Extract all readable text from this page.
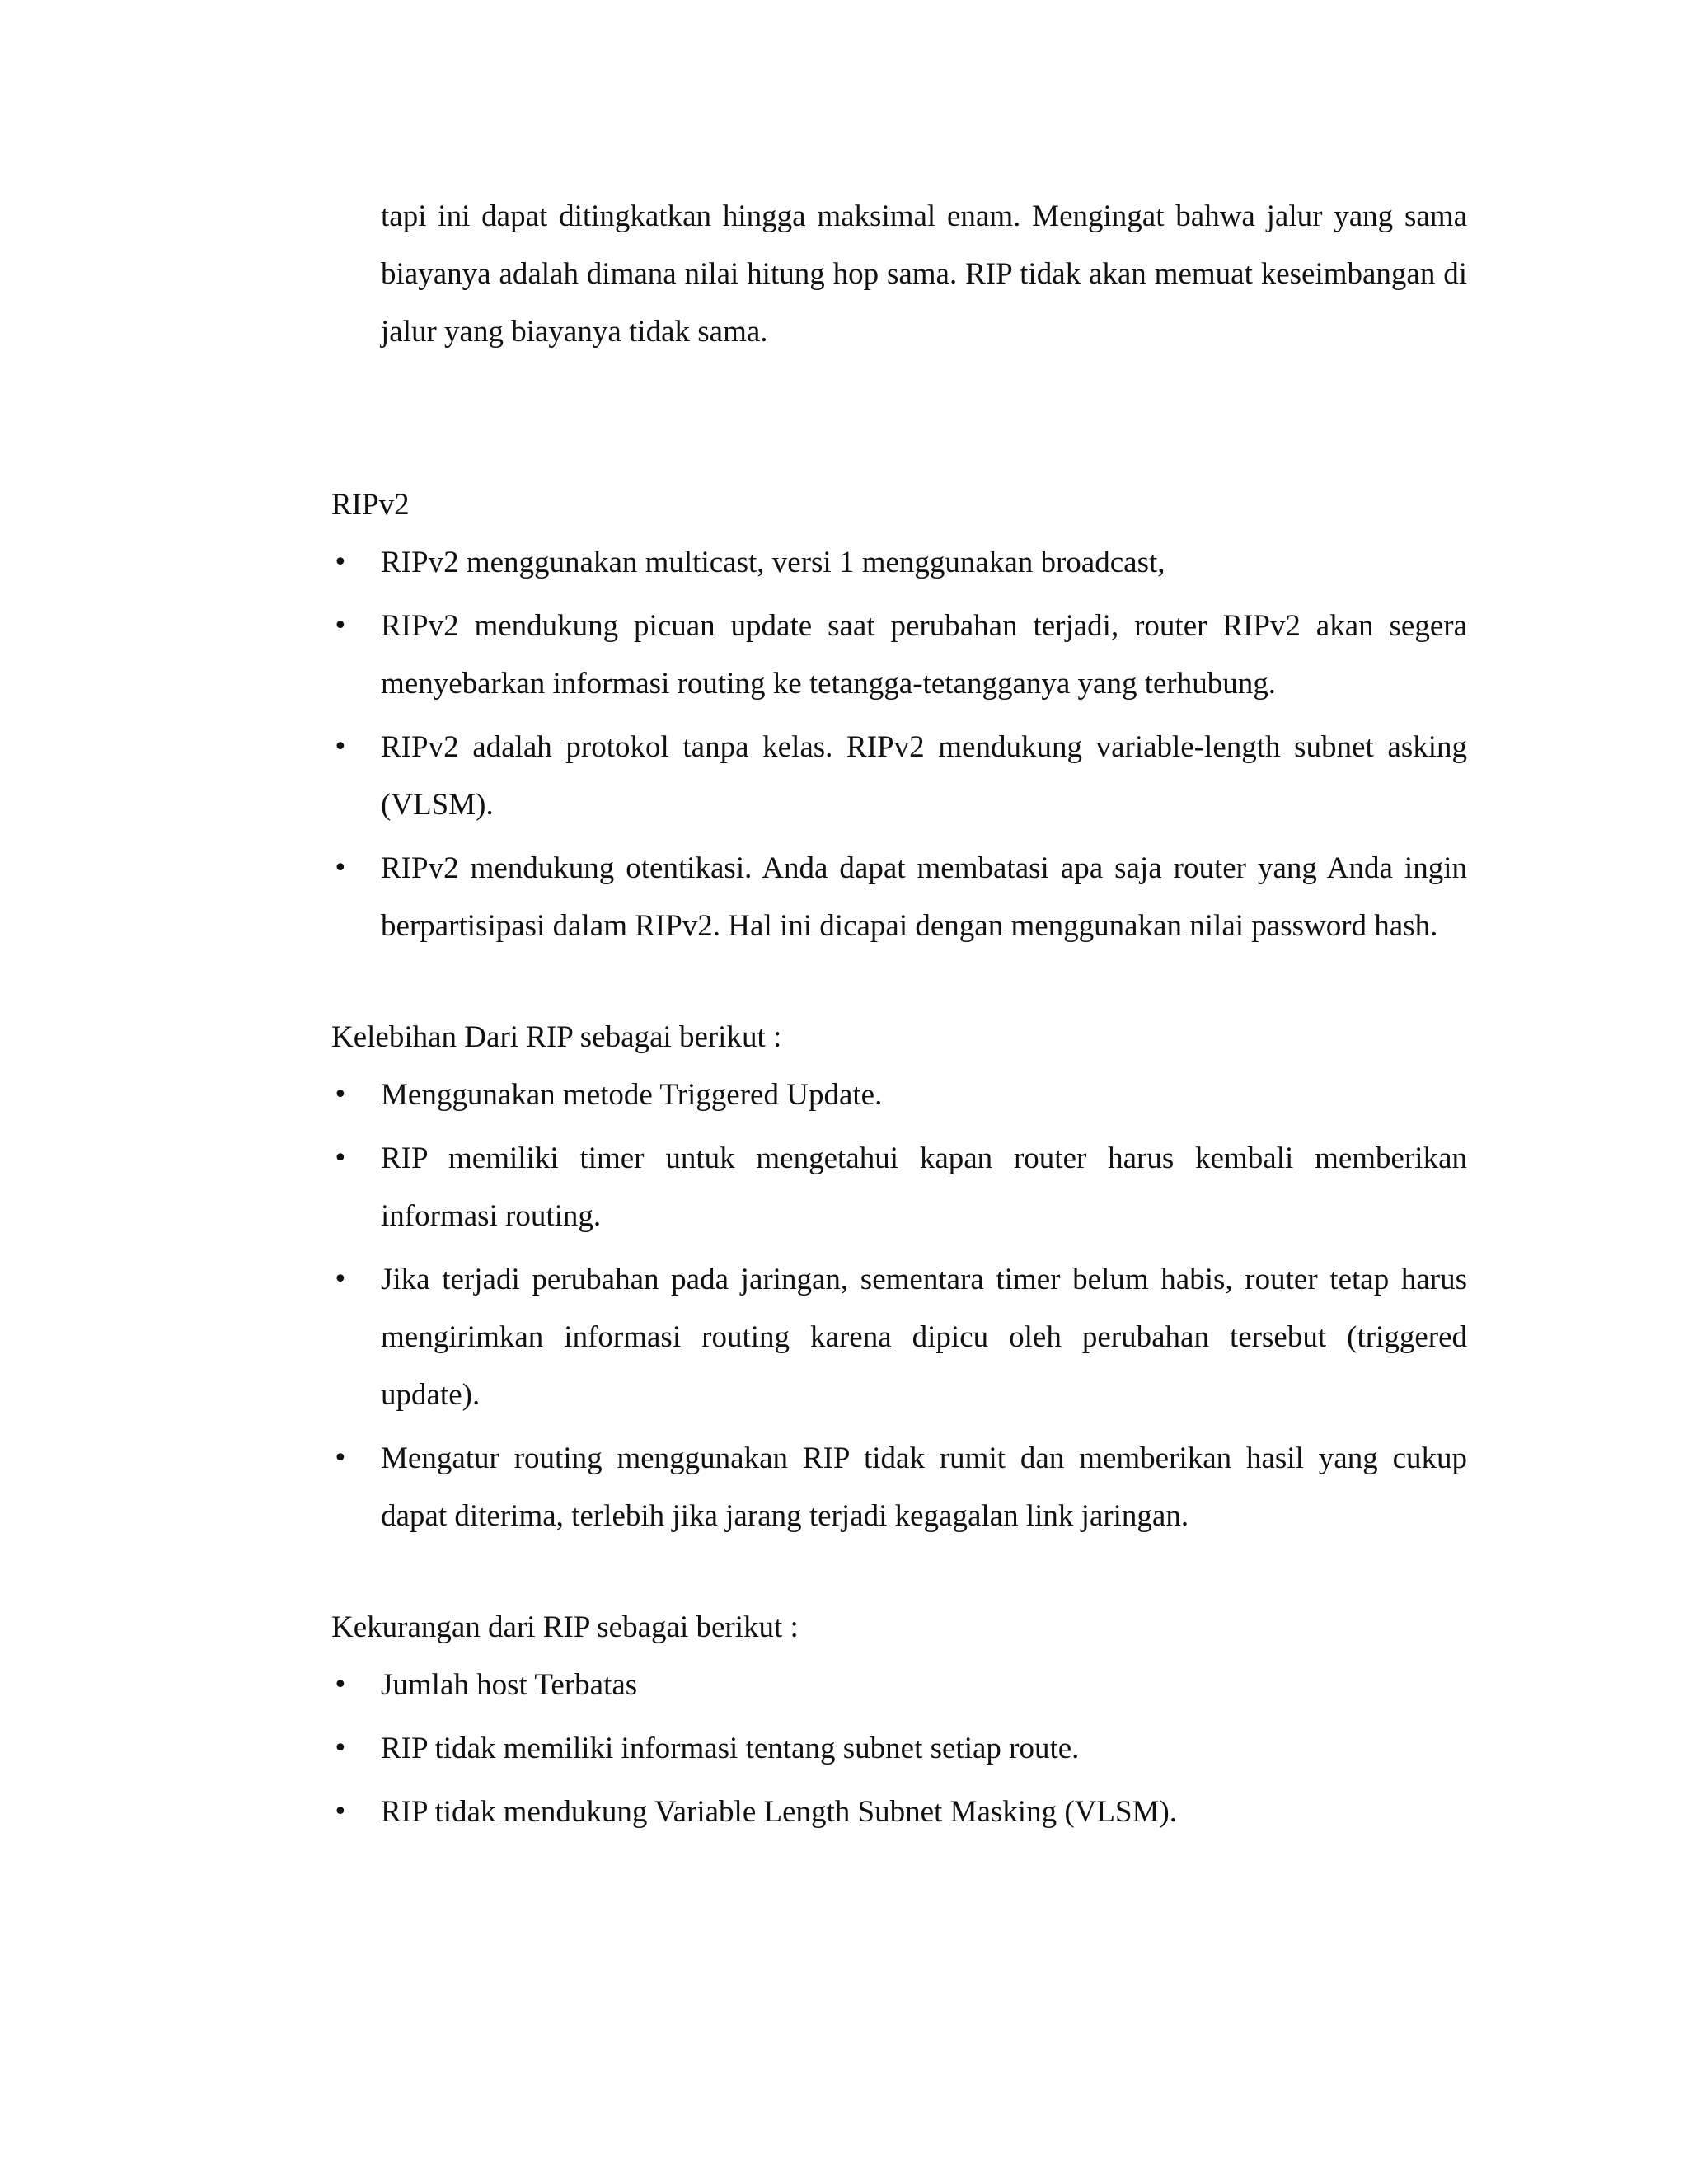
tapi ini dapat ditingkatkan hingga maksimal enam. Mengingat bahwa jalur yang sama biayanya adalah dimana nilai hitung hop sama. RIP tidak akan memuat keseimbangan di jalur yang biayanya tidak sama.

RIPv2

• RIPv2 menggunakan multicast, versi 1 menggunakan broadcast,
• RIPv2 mendukung picuan update saat perubahan terjadi, router RIPv2 akan segera menyebarkan informasi routing ke tetangga-tetangganya yang terhubung.
• RIPv2 adalah protokol tanpa kelas. RIPv2 mendukung variable-length subnet asking (VLSM).
• RIPv2 mendukung otentikasi. Anda dapat membatasi apa saja router yang Anda ingin berpartisipasi dalam RIPv2. Hal ini dicapai dengan menggunakan nilai password hash.

Kelebihan Dari RIP sebagai berikut :

• Menggunakan metode Triggered Update.
• RIP memiliki timer untuk mengetahui kapan router harus kembali memberikan informasi routing.
• Jika terjadi perubahan pada jaringan, sementara timer belum habis, router tetap harus mengirimkan informasi routing karena dipicu oleh perubahan tersebut (triggered update).
• Mengatur routing menggunakan RIP tidak rumit dan memberikan hasil yang cukup dapat diterima, terlebih jika jarang terjadi kegagalan link jaringan.

Kekurangan dari RIP sebagai berikut :

• Jumlah host Terbatas
• RIP tidak memiliki informasi tentang subnet setiap route.
• RIP tidak mendukung Variable Length Subnet Masking (VLSM).
